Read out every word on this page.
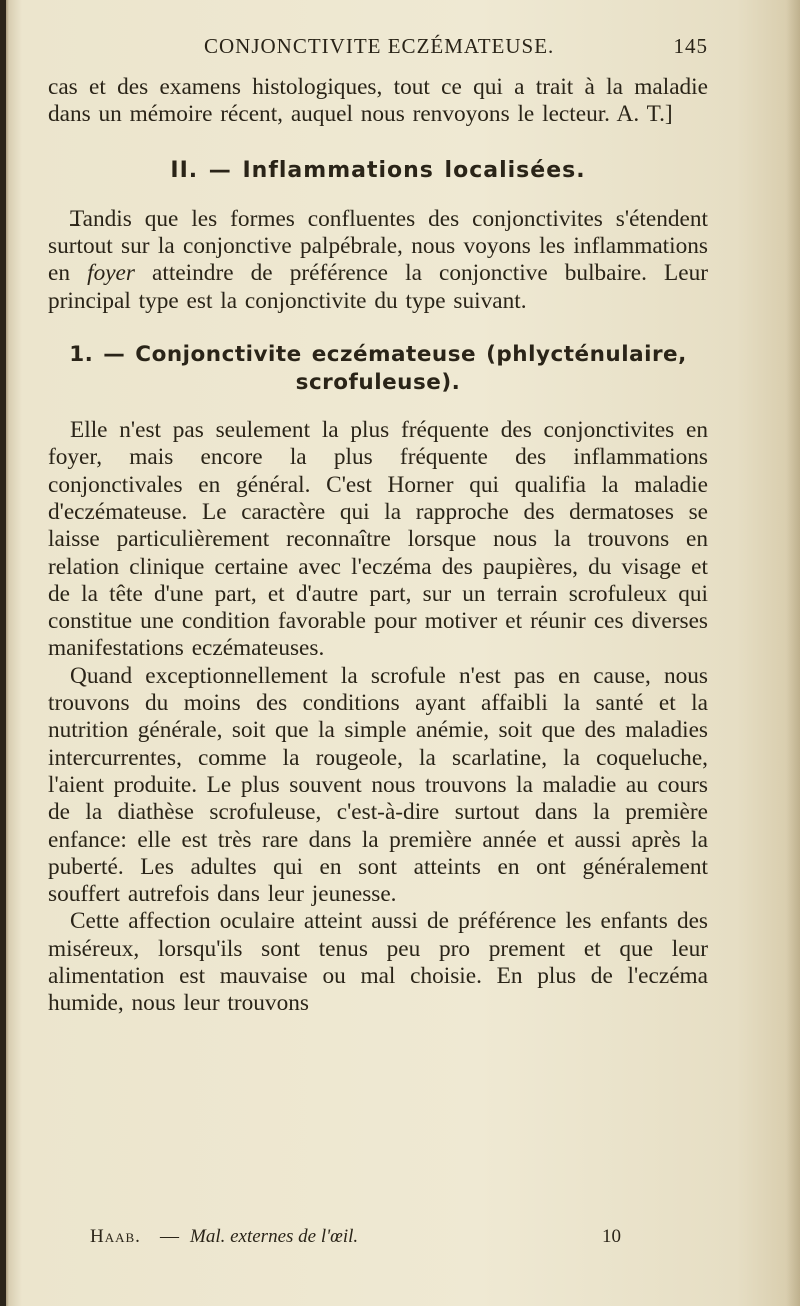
CONJONCTIVITE ECZÉMATEUSE.	145

cas et des examens histologiques, tout ce qui a trait à la maladie dans un mémoire récent, auquel nous renvoyons le lecteur. A. T.]

II. — Inflammations localisées.

Tandis que les formes confluentes des conjonctivites s'étendent surtout sur la conjonctive palpébrale, nous voyons les inflammations en foyer atteindre de préférence la conjonctive bulbaire. Leur principal type est la conjonctivite du type suivant.

1. — Conjonctivite eczémateuse (phlycténulaire, scrofuleuse).

Elle n'est pas seulement la plus fréquente des conjonctivites en foyer, mais encore la plus fréquente des inflammations conjonctivales en général. C'est Horner qui qualifia la maladie d'eczémateuse. Le caractère qui la rapproche des dermatoses se laisse particulièrement reconnaître lorsque nous la trouvons en relation clinique certaine avec l'eczéma des paupières, du visage et de la tête d'une part, et d'autre part, sur un terrain scrofuleux qui constitue une condition favorable pour motiver et réunir ces diverses manifestations eczémateuses.

Quand exceptionnellement la scrofule n'est pas en cause, nous trouvons du moins des conditions ayant affaibli la santé et la nutrition générale, soit que la simple anémie, soit que des maladies intercurrentes, comme la rougeole, la scarlatine, la coqueluche, l'aient produite. Le plus souvent nous trouvons la maladie au cours de la diathèse scrofuleuse, c'est-à-dire surtout dans la première enfance: elle est très rare dans la première année et aussi après la puberté. Les adultes qui en sont atteints en ont généralement souffert autrefois dans leur jeunesse.

Cette affection oculaire atteint aussi de préférence les enfants des miséreux, lorsqu'ils sont tenus peu pro prement et que leur alimentation est mauvaise ou mal choisie. En plus de l'eczéma humide, nous leur trouvons

Haab. — Mal. externes de l'œil.	10
